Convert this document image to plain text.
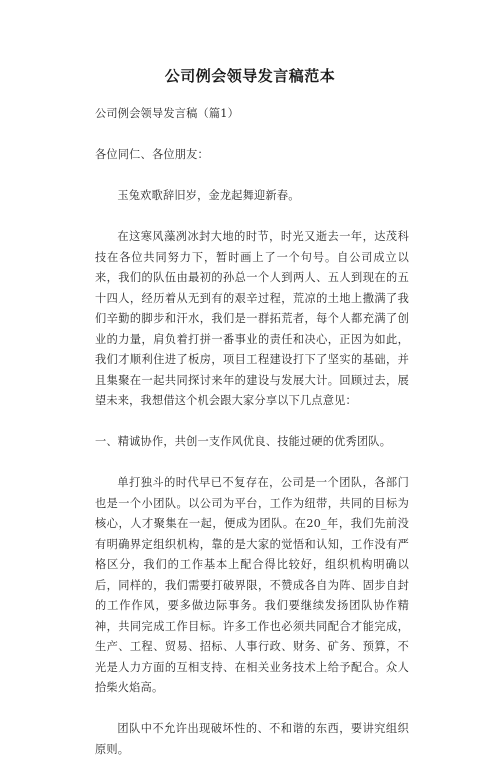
公司例会领导发言稿范本

公司例会领导发言稿（篇1）

各位同仁、各位朋友：

玉兔欢歌辞旧岁，金龙起舞迎新春。

在这寒风藻冽冰封大地的时节，时光又逝去一年，达茂科技在各位共同努力下，暂时画上了一个句号。自公司成立以来，我们的队伍由最初的孙总一个人到两人、五人到现在的五十四人，经历着从无到有的艰辛过程，荒凉的土地上撒满了我们辛勤的脚步和汗水，我们是一群拓荒者，每个人都充满了创业的力量，肩负着打拼一番事业的责任和决心，正因为如此，我们才顺利住进了板房，项目工程建设打下了坚实的基础，并且集聚在一起共同探讨来年的建设与发展大计。回顾过去，展望未来，我想借这个机会跟大家分享以下几点意见：

一、精诚协作，共创一支作风优良、技能过硬的优秀团队。

单打独斗的时代早已不复存在，公司是一个团队，各部门也是一个小团队。以公司为平台，工作为纽带，共同的目标为核心，人才聚集在一起，便成为团队。在20_年，我们先前没有明确界定组织机构，靠的是大家的觉悟和认知，工作没有严格区分，我们的工作基本上配合得比较好，组织机构明确以后，同样的，我们需要打破界限，不赞成各自为阵、固步自封的工作作风，要多做边际事务。我们要继续发扬团队协作精神，共同完成工作目标。许多工作也必须共同配合才能完成，生产、工程、贸易、招标、人事行政、财务、矿务、预算，不光是人力方面的互相支持、在相关业务技术上给予配合。众人拾柴火焰高。

团队中不允许出现破坏性的、不和谐的东西，要讲究组织原则。
